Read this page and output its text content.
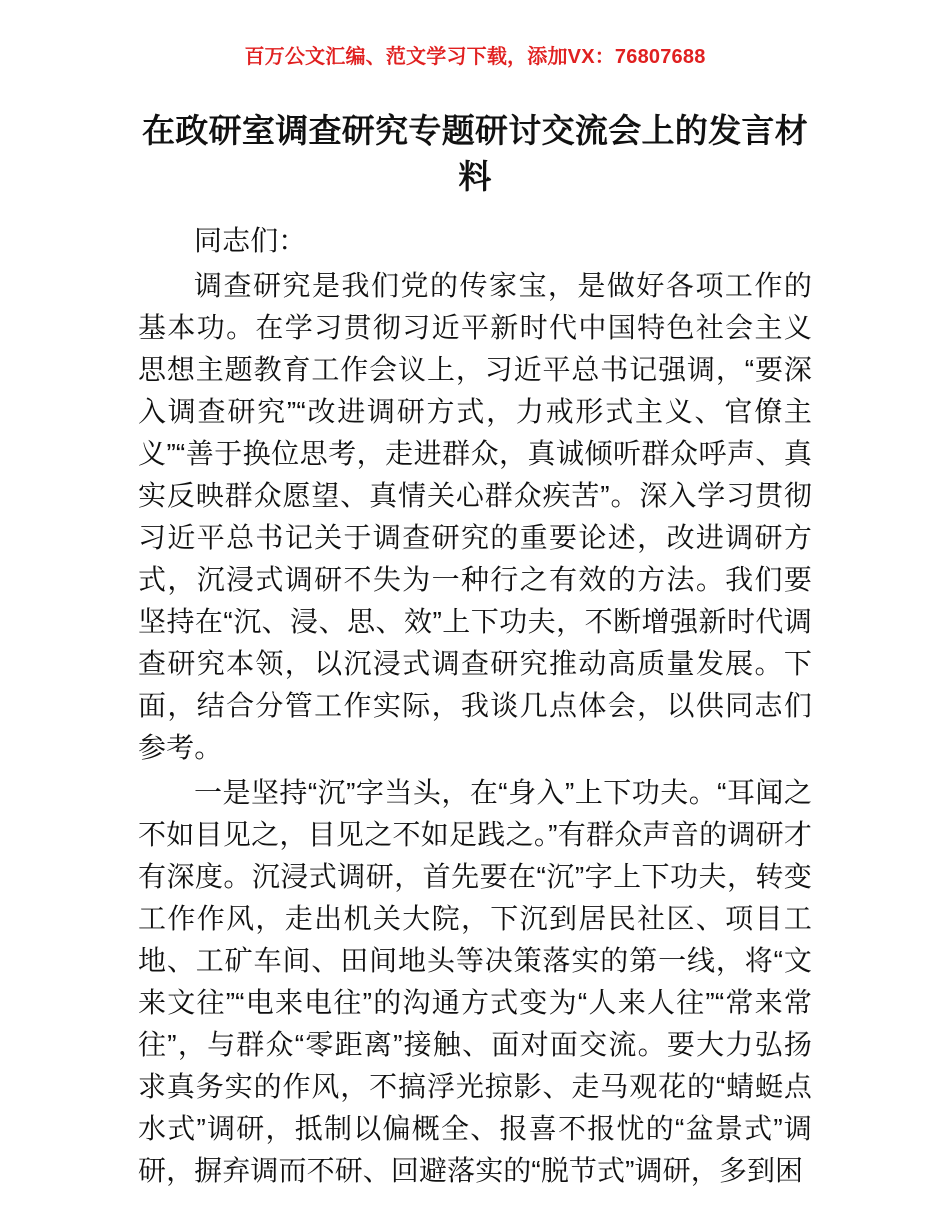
百万公文汇编、范文学习下载，添加VX：76807688
在政研室调查研究专题研讨交流会上的发言材料

同志们：

调查研究是我们党的传家宝，是做好各项工作的基本功。在学习贯彻习近平新时代中国特色社会主义思想主题教育工作会议上，习近平总书记强调，“要深入调查研究”“改进调研方式，力戒形式主义、官僚主义”“善于换位思考，走进群众，真诚倾听群众呼声、真实反映群众愿望、真情关心群众疾苦”。深入学习贯彻习近平总书记关于调查研究的重要论述，改进调研方式，沉浸式调研不失为一种行之有效的方法。我们要坚持在“沉、浸、思、效”上下功夫，不断增强新时代调查研究本领，以沉浸式调查研究推动高质量发展。下面，结合分管工作实际，我谈几点体会，以供同志们参考。

一是坚持“沉”字当头，在“身入”上下功夫。“耳闻之不如目见之，目见之不如足践之。”有群众声音的调研才有深度。沉浸式调研，首先要在“沉”字上下功夫，转变工作作风，走出机关大院，下沉到居民社区、项目工地、工矿车间、田间地头等决策落实的第一线，将“文来文往”“电来电往”的沟通方式变为“人来人往”“常来常往”，与群众“零距离”接触、面对面交流。要大力弘扬求真务实的作风，不搞浮光掠影、走马观花的“蜻蜓点水式”调研，抵制以偏概全、报喜不报忧的“盆景式”调研，摒弃调而不研、回避落实的“脱节式”调研，多到困
